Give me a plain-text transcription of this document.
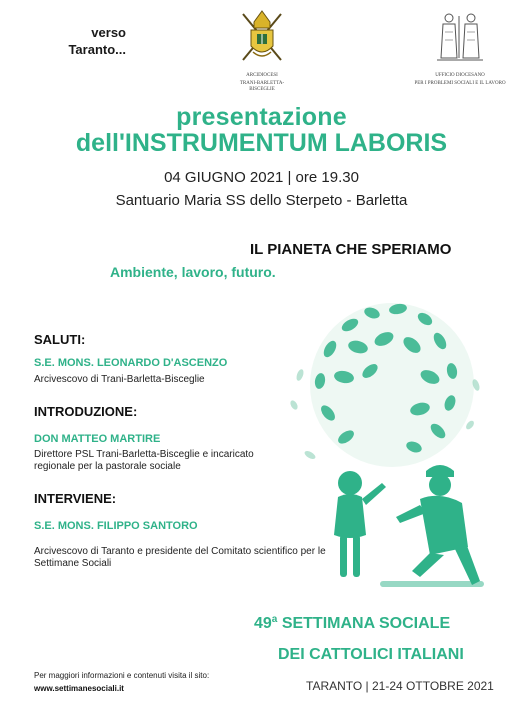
verso
Taranto...
ARCIDIOCESI
TRANI-BARLETTA-BISCEGLIE
UFFICIO DIOCESANO
PER I PROBLEMI SOCIALI E IL LAVORO
presentazione
dell'INSTRUMENTUM LABORIS
04 GIUGNO 2021 | ore 19.30
Santuario Maria SS dello Sterpeto - Barletta
IL PIANETA CHE SPERIAMO
Ambiente, lavoro, futuro.
SALUTI:
S.E. MONS. LEONARDO D'ASCENZO
Arcivescovo di Trani-Barletta-Bisceglie
INTRODUZIONE:
DON MATTEO MARTIRE
Direttore PSL Trani-Barletta-Bisceglie e incaricato regionale per la pastorale sociale
INTERVIENE:
S.E. MONS. FILIPPO SANTORO
Arcivescovo di Taranto e presidente del Comitato scientifico per le Settimane Sociali
49$^a$ SETTIMANA SOCIALE
DEI CATTOLICI ITALIANI
TARANTO | 21-24 OTTOBRE 2021
Per maggiori informazioni e contenuti visita il sito:
www.settimanesociali.it
